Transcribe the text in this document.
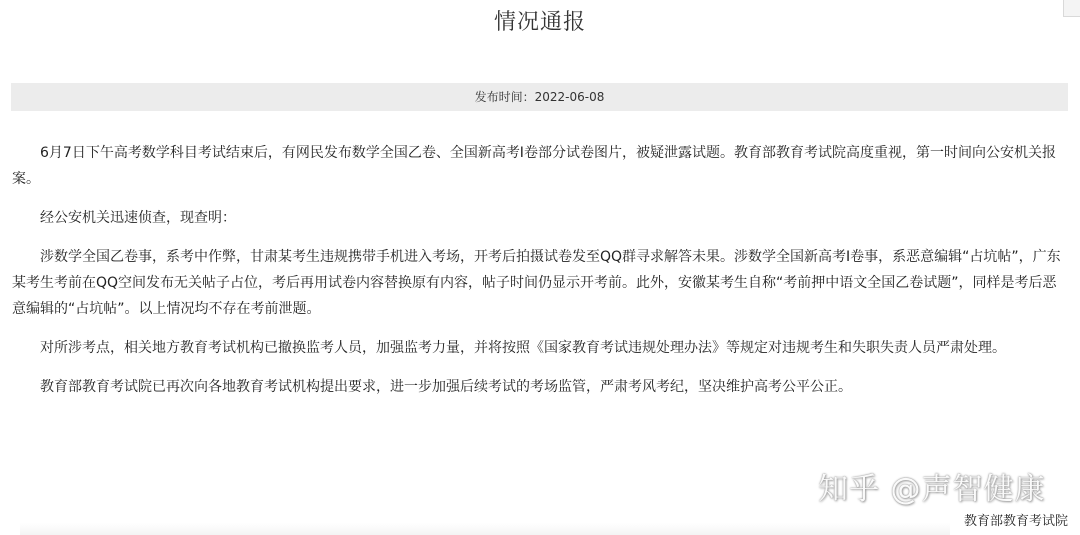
情况通报
发布时间：2022-06-08

6月7日下午高考数学科目考试结束后，有网民发布数学全国乙卷、全国新高考I卷部分试卷图片，被疑泄露试题。教育部教育考试院高度重视，第一时间向公安机关报案。

经公安机关迅速侦查，现查明：

涉数学全国乙卷事，系考中作弊，甘肃某考生违规携带手机进入考场，开考后拍摄试卷发至QQ群寻求解答未果。涉数学全国新高考I卷事，系恶意编辑“占坑帖”，广东某考生考前在QQ空间发布无关帖子占位，考后再用试卷内容替换原有内容，帖子时间仍显示开考前。此外，安徽某考生自称“考前押中语文全国乙卷试题”，同样是考后恶意编辑的“占坑帖”。以上情况均不存在考前泄题。

对所涉考点，相关地方教育考试机构已撤换监考人员，加强监考力量，并将按照《国家教育考试违规处理办法》等规定对违规考生和失职失责人员严肃处理。

教育部教育考试院已再次向各地教育考试机构提出要求，进一步加强后续考试的考场监管，严肃考风考纪，坚决维护高考公平公正。

知乎 @声智健康
教育部教育考试院
